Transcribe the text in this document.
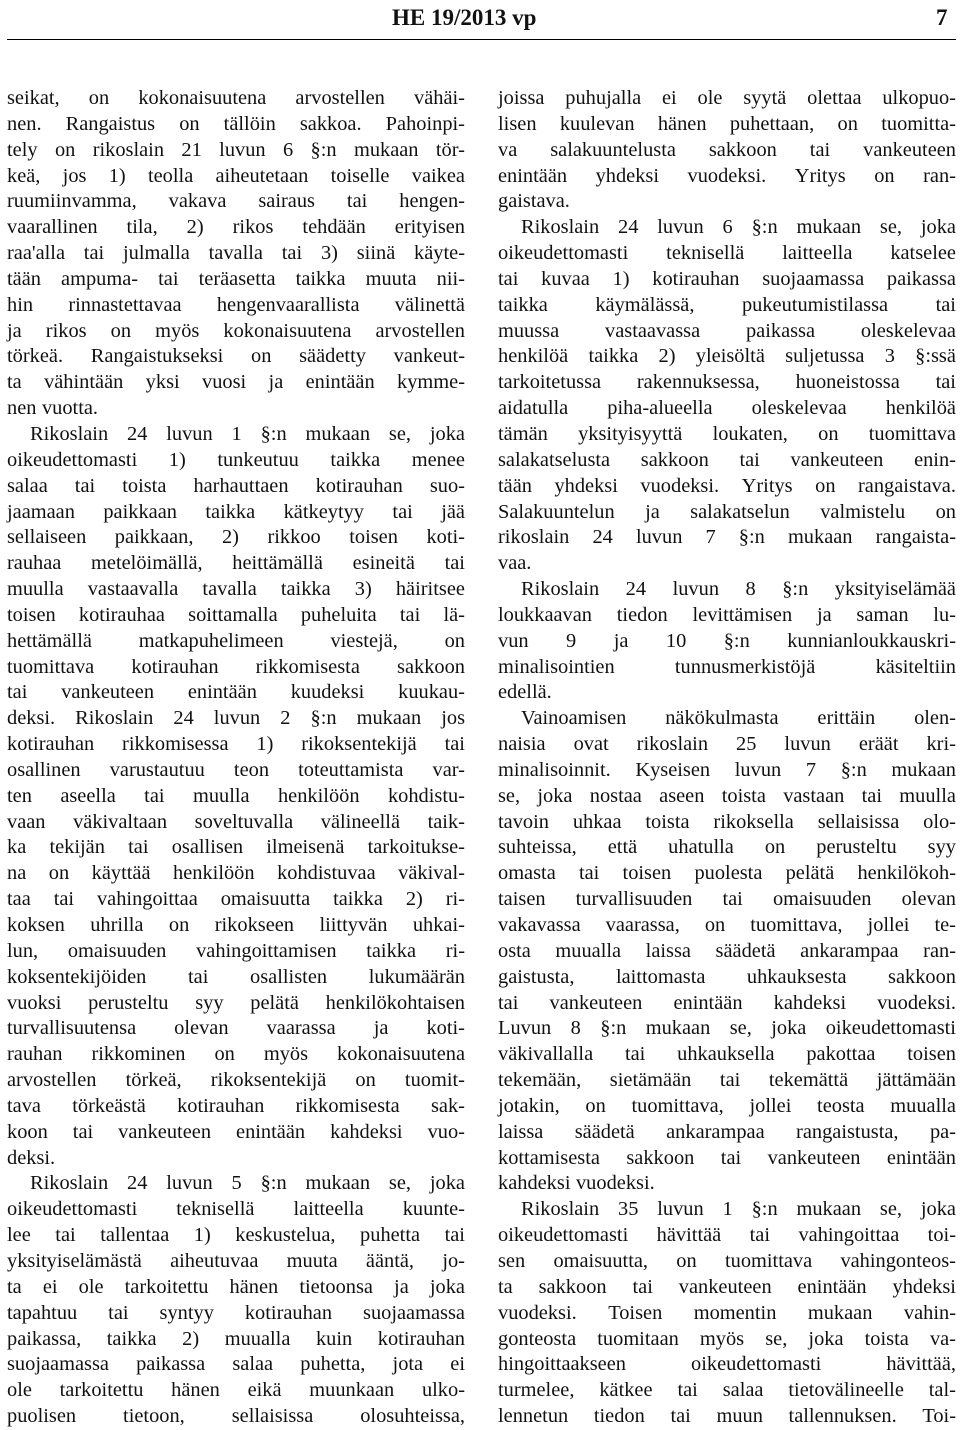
HE 19/2013 vp	7
seikat, on kokonaisuutena arvostellen vähäi-
nen. Rangaistus on tällöin sakkoa. Pahoinpi-
tely on rikoslain 21 luvun 6 §:n mukaan tör-
keä, jos 1) teolla aiheutetaan toiselle vaikea
ruumiinvamma, vakava sairaus tai hengen-
vaarallinen tila, 2) rikos tehdään erityisen
raa'alla tai julmalla tavalla tai 3) siinä käyte-
tään ampuma- tai teräasetta taikka muuta nii-
hin rinnastettavaa hengenvaarallista välinettä
ja rikos on myös kokonaisuutena arvostellen
törkeä. Rangaistukseksi on säädetty vankeut-
ta vähintään yksi vuosi ja enintään kymme-
nen vuotta.
Rikoslain 24 luvun 1 §:n mukaan se, joka
oikeudettomasti 1) tunkeutuu taikka menee
salaa tai toista harhauttaen kotirauhan suo-
jaamaan paikkaan taikka kätkeytyy tai jää
sellaiseen paikkaan, 2) rikkoo toisen koti-
rauhaa metelöimällä, heittämällä esineitä tai
muulla vastaavalla tavalla taikka 3) häiritsee
toisen kotirauhaa soittamalla puheluita tai lä-
hettämällä matkapuhelimeen viestejä, on
tuomittava kotirauhan rikkomisesta sakkoon
tai vankeuteen enintään kuudeksi kuukau-
deksi. Rikoslain 24 luvun 2 §:n mukaan jos
kotirauhan rikkomisessa 1) rikoksentekijä tai
osallinen varustautuu teon toteuttamista var-
ten aseella tai muulla henkilöön kohdistu-
vaan väkivaltaan soveltuvalla välineellä taik-
ka tekijän tai osallisen ilmeisenä tarkoitukse-
na on käyttää henkilöön kohdistuvaa väkival-
taa tai vahingoittaa omaisuutta taikka 2) ri-
koksen uhrilla on rikokseen liittyvän uhkai-
lun, omaisuuden vahingoittamisen taikka ri-
koksentekijöiden tai osallisten lukumäärän
vuoksi perusteltu syy pelätä henkilökohtaisen
turvallisuutensa olevan vaarassa ja koti-
rauhan rikkominen on myös kokonaisuutena
arvostellen törkeä, rikoksentekijä on tuomit-
tava törkeästä kotirauhan rikkomisesta sak-
koon tai vankeuteen enintään kahdeksi vuo-
deksi.
Rikoslain 24 luvun 5 §:n mukaan se, joka
oikeudettomasti teknisellä laitteella kuunte-
lee tai tallentaa 1) keskustelua, puhetta tai
yksityiselämästä aiheutuvaa muuta ääntä, jo-
ta ei ole tarkoitettu hänen tietoonsa ja joka
tapahtuu tai syntyy kotirauhan suojaamassa
paikassa, taikka 2) muualla kuin kotirauhan
suojaamassa paikassa salaa puhetta, jota ei
ole tarkoitettu hänen eikä muunkaan ulko-
puolisen tietoon, sellaisissa olosuhteissa,
joissa puhujalla ei ole syytä olettaa ulkopuo-
lisen kuulevan hänen puhettaan, on tuomitta-
va salakuuntelusta sakkoon tai vankeuteen
enintään yhdeksi vuodeksi. Yritys on ran-
gaistava.
Rikoslain 24 luvun 6 §:n mukaan se, joka
oikeudettomasti teknisellä laitteella katselee
tai kuvaa 1) kotirauhan suojaamassa paikassa
taikka käymälässä, pukeutumistilassa tai
muussa vastaavassa paikassa oleskelevaa
henkilöä taikka 2) yleisöltä suljetussa 3 §:ssä
tarkoitetussa rakennuksessa, huoneistossa tai
aidatulla piha-alueella oleskelevaa henkilöä
tämän yksityisyyttä loukaten, on tuomittava
salakatselusta sakkoon tai vankeuteen enin-
tään yhdeksi vuodeksi. Yritys on rangaistava.
Salakuuntelun ja salakatselun valmistelu on
rikoslain 24 luvun 7 §:n mukaan rangaista-
vaa.
Rikoslain 24 luvun 8 §:n yksityiselämää
loukkaavan tiedon levittämisen ja saman lu-
vun 9 ja 10 §:n kunnianloukkauskri-
minalisointien	tunnusmerkistöjä	käsiteltiin
edellä.
Vainoamisen näkökulmasta erittäin olen-
naisia ovat rikoslain 25 luvun eräät kri-
minalisoinnit. Kyseisen luvun 7 §:n mukaan
se, joka nostaa aseen toista vastaan tai muulla
tavoin uhkaa toista rikoksella sellaisissa olo-
suhteissa, että uhatulla on perusteltu syy
omasta tai toisen puolesta pelätä henkilökoh-
taisen turvallisuuden tai omaisuuden olevan
vakavassa vaarassa, on tuomittava, jollei te-
osta muualla laissa säädetä ankarampaa ran-
gaistusta, laittomasta uhkauksesta sakkoon
tai vankeuteen enintään kahdeksi vuodeksi.
Luvun 8 §:n mukaan se, joka oikeudettomasti
väkivallalla tai uhkauksella pakottaa toisen
tekemään, sietämään tai tekemättä jättämään
jotakin, on tuomittava, jollei teosta muualla
laissa säädetä ankarampaa rangaistusta, pa-
kottamisesta sakkoon tai vankeuteen enintään
kahdeksi vuodeksi.
Rikoslain 35 luvun 1 §:n mukaan se, joka
oikeudettomasti hävittää tai vahingoittaa toi-
sen omaisuutta, on tuomittava vahingonteos-
ta sakkoon tai vankeuteen enintään yhdeksi
vuodeksi. Toisen momentin mukaan vahin-
gonteosta tuomitaan myös se, joka toista va-
hingoittaakseen	oikeudettomasti	hävittää,
turmelee, kätkee tai salaa tietovälineelle tal-
lennetun tiedon tai muun tallennuksen. Toi-
